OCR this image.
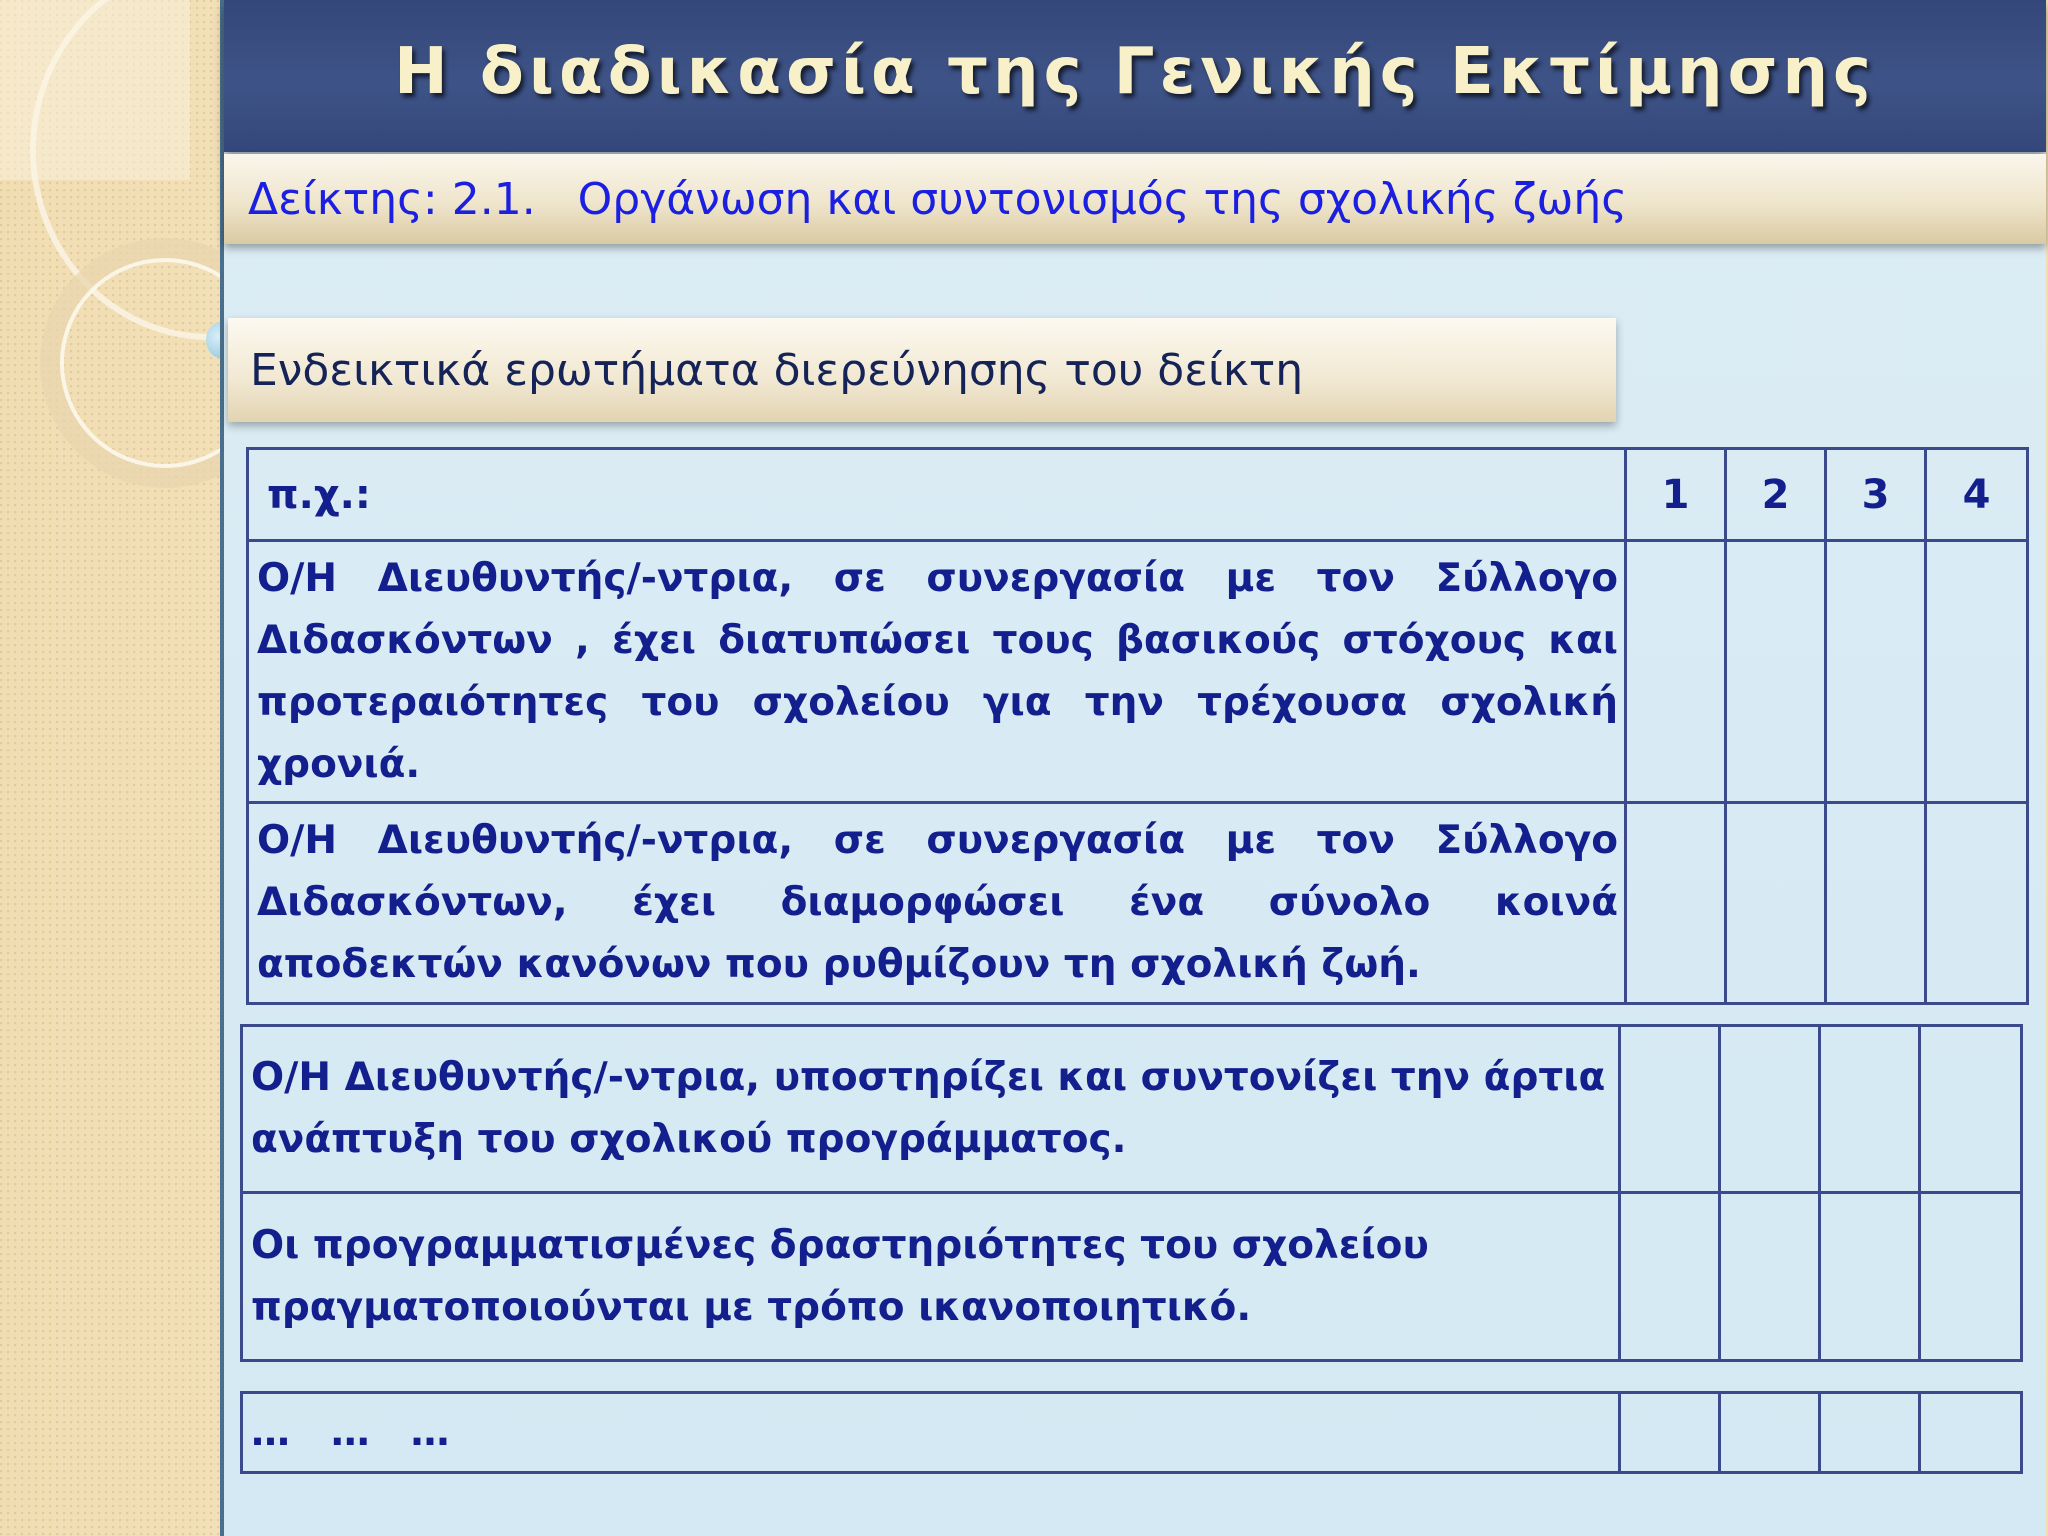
Η διαδικασία της Γενικής Εκτίμησης
Δείκτης: 2.1.   Οργάνωση και συντονισμός της σχολικής ζωής
Ενδεικτικά ερωτήματα διερεύνησης του δείκτη
π.χ.:	1	2	3	4
Ο/Η Διευθυντής/-ντρια, σε συνεργασία με τον Σύλλογο Διδασκόντων , έχει διατυπώσει τους βασικούς στόχους και προτεραιότητες του σχολείου για την τρέχουσα σχολική χρονιά.				
Ο/Η Διευθυντής/-ντρια, σε συνεργασία με τον Σύλλογο Διδασκόντων, έχει διαμορφώσει ένα σύνολο κοινά αποδεκτών κανόνων που ρυθμίζουν τη σχολική ζωή.				
Ο/Η Διευθυντής/-ντρια, υποστηρίζει και συντονίζει την άρτια ανάπτυξη του σχολικού προγράμματος.				
Οι προγραμματισμένες δραστηριότητες του σχολείου πραγματοποιούνται με τρόπο ικανοποιητικό.				
…   …   …				
